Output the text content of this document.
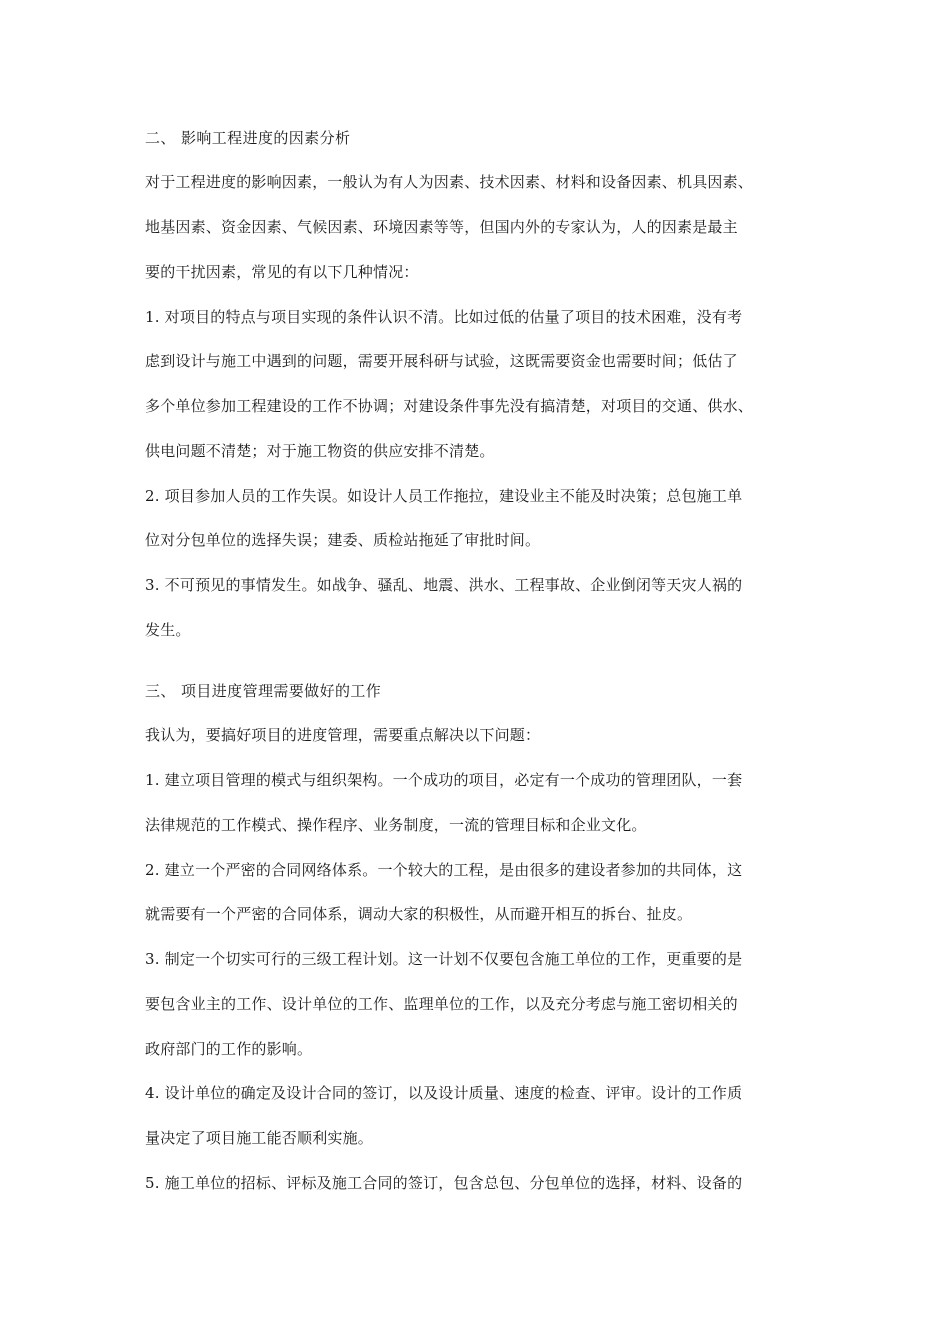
二、 影响工程进度的因素分析
对于工程进度的影响因素，一般认为有人为因素、技术因素、材料和设备因素、机具因素、
地基因素、资金因素、气候因素、环境因素等等，但国内外的专家认为，人的因素是最主
要的干扰因素，常见的有以下几种情况：
1. 对项目的特点与项目实现的条件认识不清。比如过低的估量了项目的技术困难，没有考
虑到设计与施工中遇到的问题，需要开展科研与试验，这既需要资金也需要时间；低估了
多个单位参加工程建设的工作不协调；对建设条件事先没有搞清楚，对项目的交通、供水、
供电问题不清楚；对于施工物资的供应安排不清楚。
2. 项目参加人员的工作失误。如设计人员工作拖拉，建设业主不能及时决策；总包施工单
位对分包单位的选择失误；建委、质检站拖延了审批时间。
3. 不可预见的事情发生。如战争、骚乱、地震、洪水、工程事故、企业倒闭等天灾人祸的
发生。
三、 项目进度管理需要做好的工作
我认为，要搞好项目的进度管理，需要重点解决以下问题：
1. 建立项目管理的模式与组织架构。一个成功的项目，必定有一个成功的管理团队，一套
法律规范的工作模式、操作程序、业务制度，一流的管理目标和企业文化。
2. 建立一个严密的合同网络体系。一个较大的工程，是由很多的建设者参加的共同体，这
就需要有一个严密的合同体系，调动大家的积极性，从而避开相互的拆台、扯皮。
3. 制定一个切实可行的三级工程计划。这一计划不仅要包含施工单位的工作，更重要的是
要包含业主的工作、设计单位的工作、监理单位的工作，以及充分考虑与施工密切相关的
政府部门的工作的影响。
4. 设计单位的确定及设计合同的签订，以及设计质量、速度的检查、评审。设计的工作质
量决定了项目施工能否顺利实施。
5. 施工单位的招标、评标及施工合同的签订，包含总包、分包单位的选择，材料、设备的
